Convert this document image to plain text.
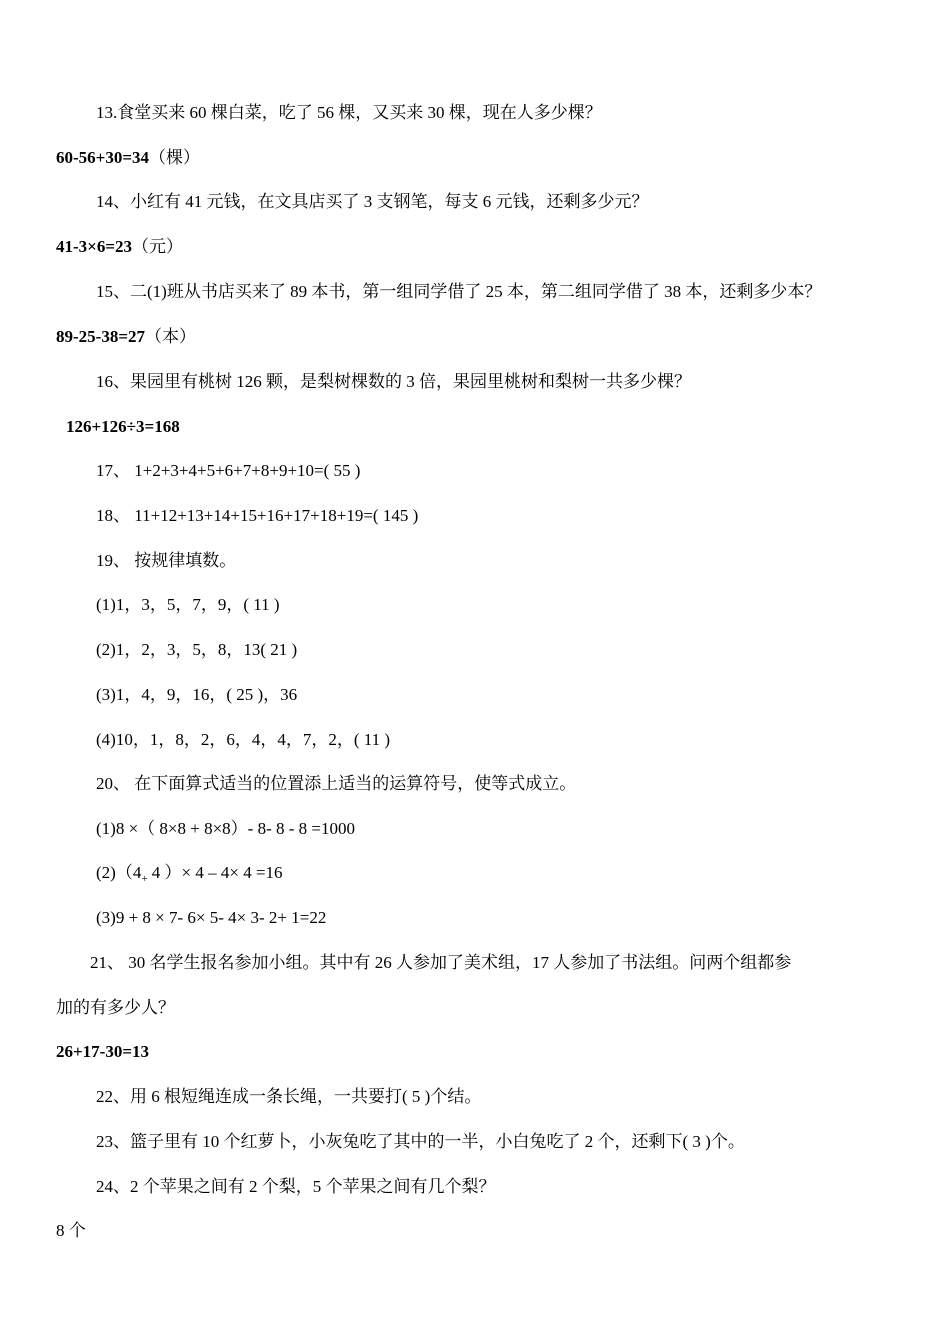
13.食堂买来 60 棵白菜，吃了 56 棵，又买来 30 棵，现在人多少棵？
60-56+30=34（棵）
14、小红有 41 元钱，在文具店买了 3 支钢笔，每支 6 元钱，还剩多少元？
41-3×6=23（元）
15、二(1)班从书店买来了 89 本书，第一组同学借了 25 本，第二组同学借了 38 本，还剩多少本？
89-25-38=27（本）
16、果园里有桃树 126 颗，是梨树棵数的 3 倍，果园里桃树和梨树一共多少棵？
126+126÷3=168
17、 1+2+3+4+5+6+7+8+9+10=( 55 )
18、 11+12+13+14+15+16+17+18+19=( 145 )
19、 按规律填数。
(1)1，3，5，7，9，( 11 )
(2)1，2，3，5，8，13( 21 )
(3)1，4，9，16，( 25 )，36
(4)10，1，8，2，6，4，4，7，2，( 11 )
20、 在下面算式适当的位置添上适当的运算符号，使等式成立。
(1)8 ×（ 8×8 + 8×8）- 8- 8 - 8 =1000
$(2)(4_+$ 4 ）× 4 – 4× 4 =16
(3)9 + 8 × 7- 6× 5- 4× 3- 2+ 1=22
21、 30 名学生报名参加小组。其中有 26 人参加了美术组，17 人参加了书法组。问两个组都参
加的有多少人？
26+17-30=13
22、用 6 根短绳连成一条长绳，一共要打( 5 )个结。
23、篮子里有 10 个红萝卜，小灰兔吃了其中的一半，小白兔吃了 2 个，还剩下( 3 )个。
24、2 个苹果之间有 2 个梨，5 个苹果之间有几个梨？
8 个
